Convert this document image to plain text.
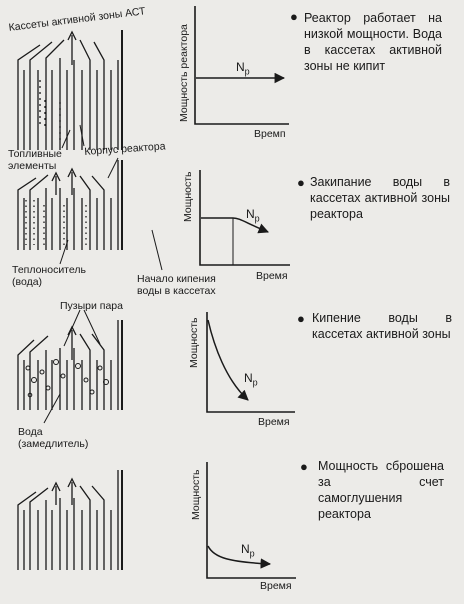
Кассеты активной зоны АСТ
Топливные
элементы
Корпус реактора
Теплоноситель
(вода)	Начало кипения
воды в кассетах
Пузыри пара
Вода
(замедлитель)
Мощность реактора
Времп
$N_p$
Мощность
Время
$N_p$
Мощность
Время
$N_p$
Мощность
Время
$N_p$
● Реактор работает на низкой мощности. Вода в кассетах активной зоны не кипит
● Закипание воды в кассетах активной зоны реактора
● Кипение воды в кассетах активной зоны
● Мощность сброшена за счет самоглушения реактора
